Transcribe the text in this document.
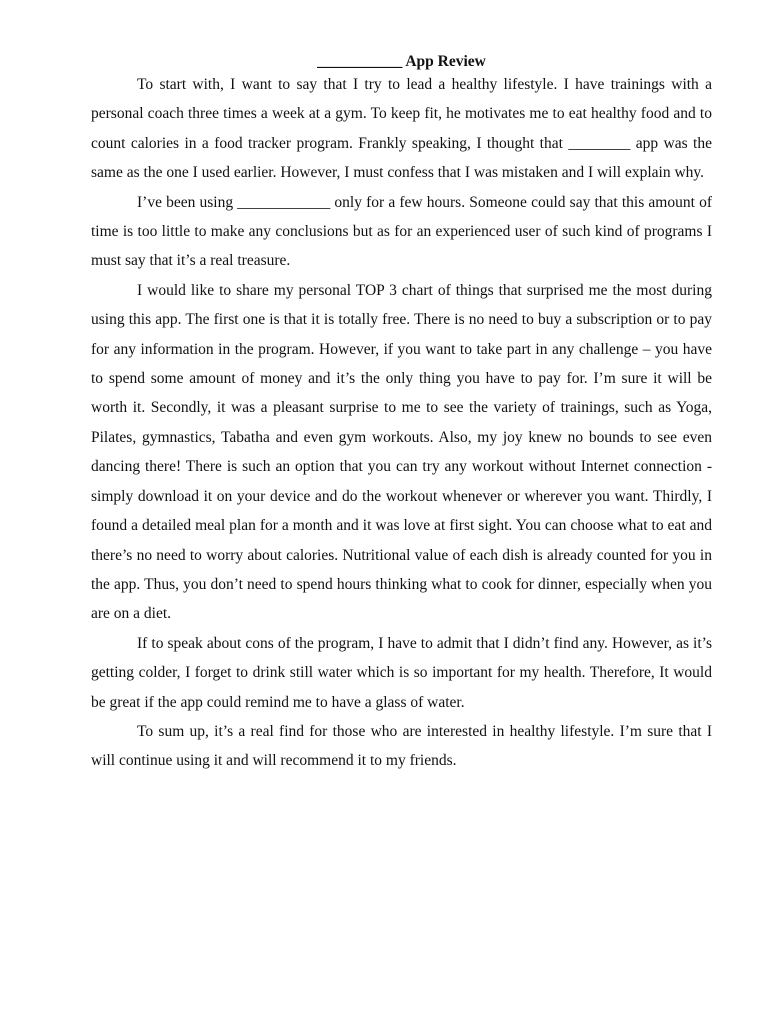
___________ App Review

To start with, I want to say that I try to lead a healthy lifestyle. I have trainings with a personal coach three times a week at a gym. To keep fit, he motivates me to eat healthy food and to count calories in a food tracker program. Frankly speaking, I thought that ________ app was the same as the one I used earlier. However, I must confess that I was mistaken and I will explain why.

I’ve been using ____________ only for a few hours. Someone could say that this amount of time is too little to make any conclusions but as for an experienced user of such kind of programs I must say that it’s a real treasure.

I would like to share my personal TOP 3 chart of things that surprised me the most during using this app. The first one is that it is totally free. There is no need to buy a subscription or to pay for any information in the program. However, if you want to take part in any challenge – you have to spend some amount of money and it’s the only thing you have to pay for. I’m sure it will be worth it. Secondly, it was a pleasant surprise to me to see the variety of trainings, such as Yoga, Pilates, gymnastics, Tabatha and even gym workouts. Also, my joy knew no bounds to see even dancing there! There is such an option that you can try any workout without Internet connection - simply download it on your device and do the workout whenever or wherever you want. Thirdly, I found a detailed meal plan for a month and it was love at first sight. You can choose what to eat and there’s no need to worry about calories. Nutritional value of each dish is already counted for you in the app. Thus, you don’t need to spend hours thinking what to cook for dinner, especially when you are on a diet.

If to speak about cons of the program, I have to admit that I didn’t find any. However, as it’s getting colder, I forget to drink still water which is so important for my health. Therefore, It would be great if the app could remind me to have a glass of water.

To sum up, it’s a real find for those who are interested in healthy lifestyle. I’m sure that I will continue using it and will recommend it to my friends.
